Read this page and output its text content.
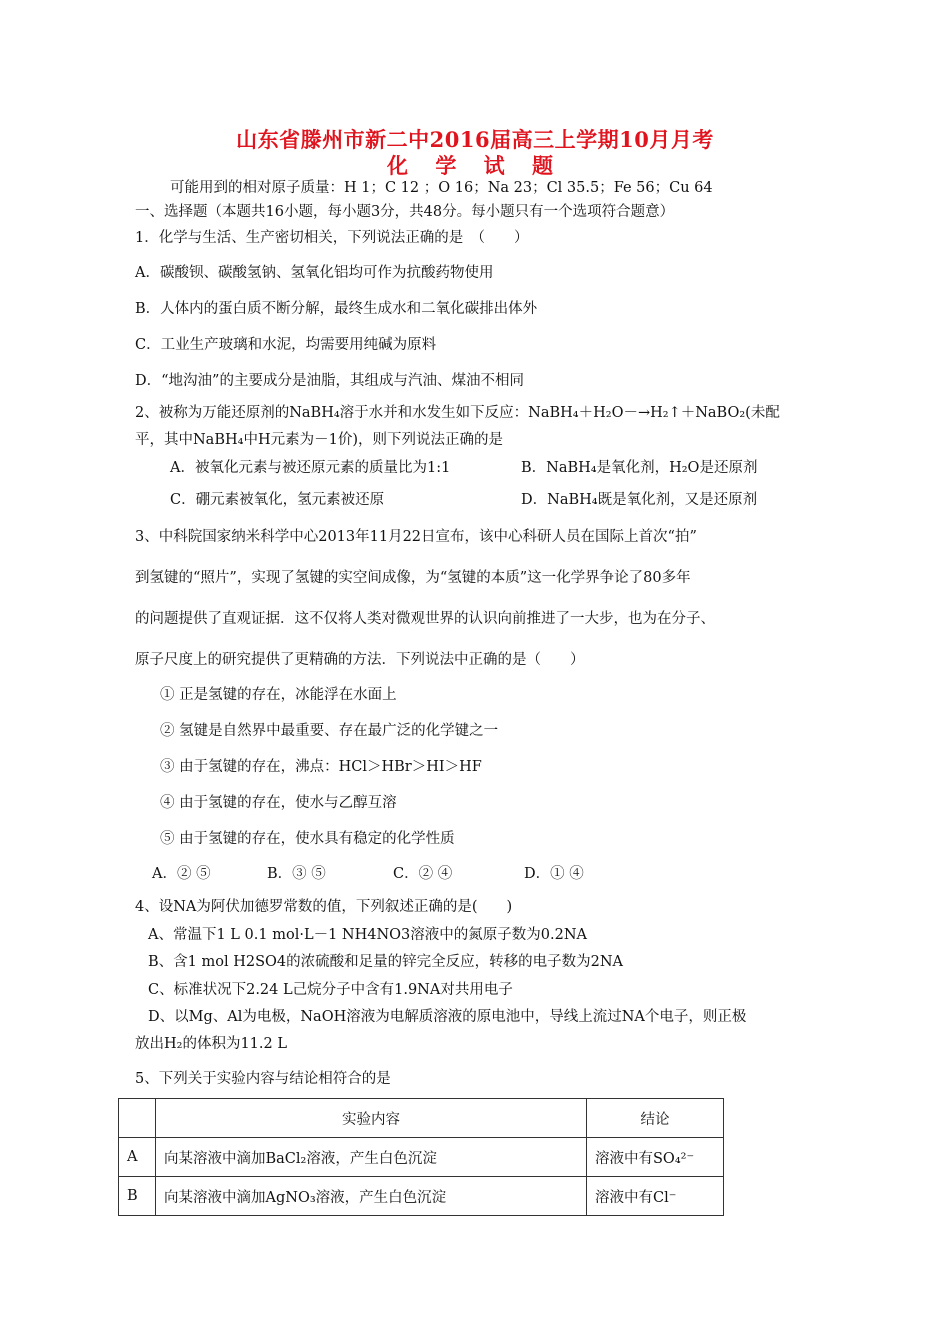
山东省滕州市新二中2016届高三上学期10月月考
化 学 试 题
可能用到的相对原子质量：H 1；C 12 ；O 16；Na 23；Cl 35.5；Fe 56；Cu 64
一、选择题（本题共16小题，每小题3分，共48分。每小题只有一个选项符合题意）
1．化学与生活、生产密切相关，下列说法正确的是　（　　）
A．碳酸钡、碳酸氢钠、氢氧化铝均可作为抗酸药物使用
B．人体内的蛋白质不断分解，最终生成水和二氧化碳排出体外
C．工业生产玻璃和水泥，均需要用纯碱为原料
D．“地沟油”的主要成分是油脂，其组成与汽油、煤油不相同
2、被称为万能还原剂的NaBH₄溶于水并和水发生如下反应：NaBH₄＋H₂O－→H₂↑＋NaBO₂(未配
平，其中NaBH₄中H元素为－1价)，则下列说法正确的是
A．被氧化元素与被还原元素的质量比为1:1	B．NaBH₄是氧化剂，H₂O是还原剂
C．硼元素被氧化，氢元素被还原	D．NaBH₄既是氧化剂，又是还原剂
3、中科院国家纳米科学中心2013年11月22日宣布，该中心科研人员在国际上首次“拍”
到氢键的“照片”，实现了氢键的实空间成像，为“氢键的本质”这一化学界争论了80多年
的问题提供了直观证据．这不仅将人类对微观世界的认识向前推进了一大步，也为在分子、
原子尺度上的研究提供了更精确的方法．下列说法中正确的是（　　）
① 正是氢键的存在，冰能浮在水面上
② 氢键是自然界中最重要、存在最广泛的化学键之一
③ 由于氢键的存在，沸点：HCl＞HBr＞HI＞HF
④ 由于氢键的存在，使水与乙醇互溶
⑤ 由于氢键的存在，使水具有稳定的化学性质
A．② ⑤	B．③ ⑤	C．② ④	D．① ④
4、设NA为阿伏加德罗常数的值，下列叙述正确的是(　　)
A、常温下1 L 0.1 mol·L－1 NH4NO3溶液中的氮原子数为0.2NA
B、含1 mol H2SO4的浓硫酸和足量的锌完全反应，转移的电子数为2NA
C、标准状况下2.24 L己烷分子中含有1.9NA对共用电子
D、以Mg、Al为电极，NaOH溶液为电解质溶液的原电池中，导线上流过NA个电子，则正极
放出H₂的体积为11.2 L
5、下列关于实验内容与结论相符合的是
	实验内容	结论
A	向某溶液中滴加BaCl₂溶液，产生白色沉淀	溶液中有SO₄²⁻
B	向某溶液中滴加AgNO₃溶液，产生白色沉淀	溶液中有Cl⁻
